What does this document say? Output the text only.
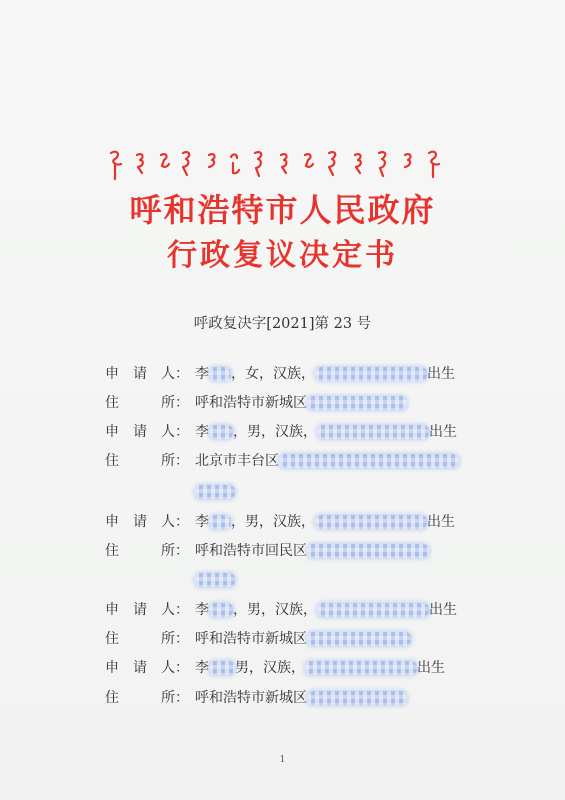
ᠬᠥᠬᠡᠬᠣᠲᠠ ᠬᠣᠲᠠ ᠶᠢᠨ ᠠᠷᠠᠳ ᠤᠨ ᠵᠠᠰᠠᠭ ᠤᠨ ᠭᠠᠵᠠᠷ
呼和浩特市人民政府
行政复议决定书
呼政复决字[2021]第 23 号
申　请　人： 李 ，女，汉族，	出生
住　　　所： 呼和浩特市新城区
申　请　人： 李 ，男，汉族，	出生
住　　　所： 北京市丰台区
申　请　人： 李 ，男，汉族，	出生
住　　　所： 呼和浩特市回民区
申　请　人： 李 ，男，汉族，	出生
住　　　所： 呼和浩特市新城区
申　请　人： 李男，汉族，	出生
住　　　所： 呼和浩特市新城区
1
